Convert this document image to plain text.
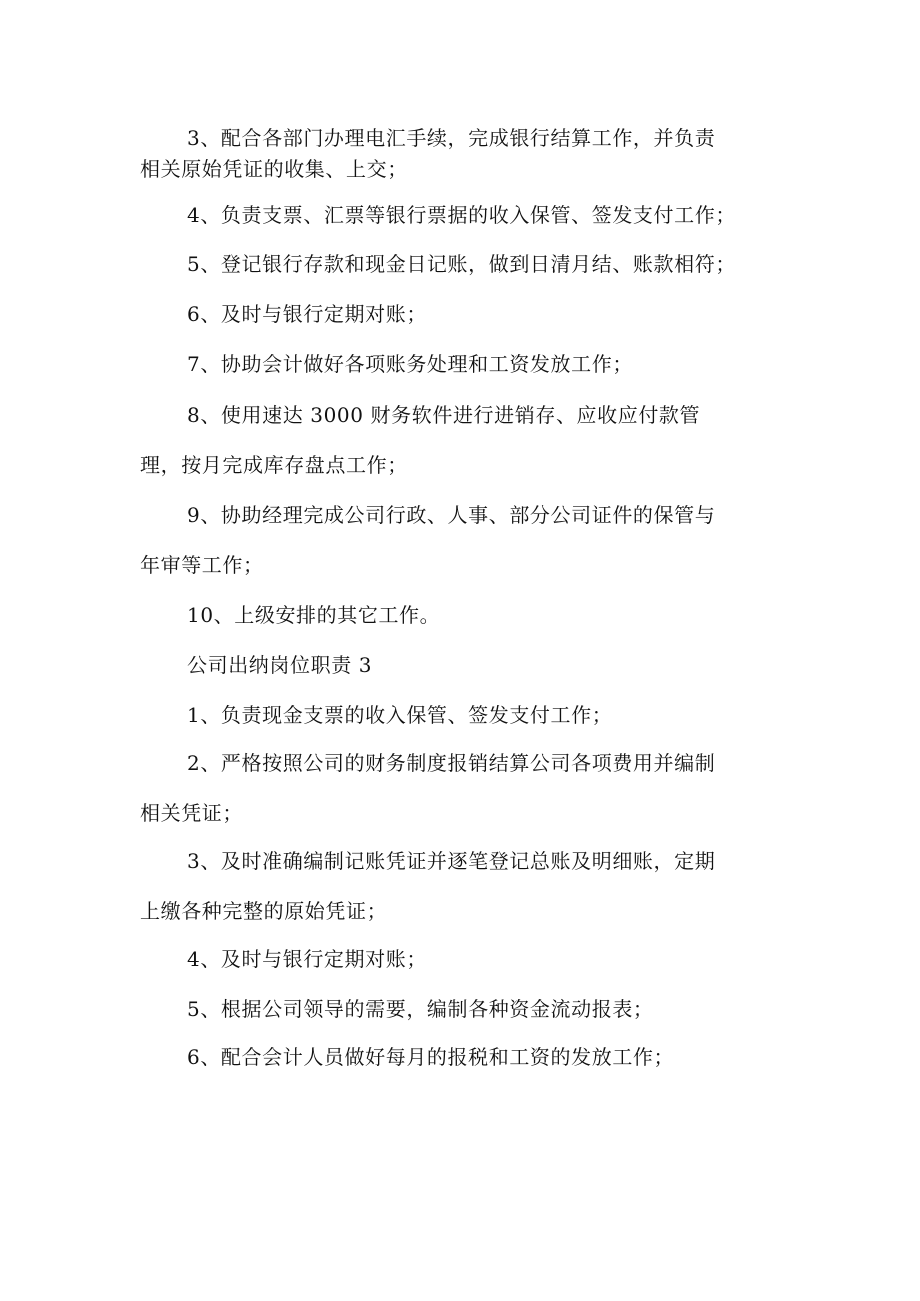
3、配合各部门办理电汇手续，完成银行结算工作，并负责
相关原始凭证的收集、上交；
4、负责支票、汇票等银行票据的收入保管、签发支付工作；
5、登记银行存款和现金日记账，做到日清月结、账款相符；
6、及时与银行定期对账；
7、协助会计做好各项账务处理和工资发放工作；
8、使用速达 3000 财务软件进行进销存、应收应付款管
理，按月完成库存盘点工作；
9、协助经理完成公司行政、人事、部分公司证件的保管与
年审等工作；
10、上级安排的其它工作。
公司出纳岗位职责 3
1、负责现金支票的收入保管、签发支付工作；
2、严格按照公司的财务制度报销结算公司各项费用并编制
相关凭证；
3、及时准确编制记账凭证并逐笔登记总账及明细账，定期
上缴各种完整的原始凭证；
4、及时与银行定期对账；
5、根据公司领导的需要，编制各种资金流动报表；
6、配合会计人员做好每月的报税和工资的发放工作；
